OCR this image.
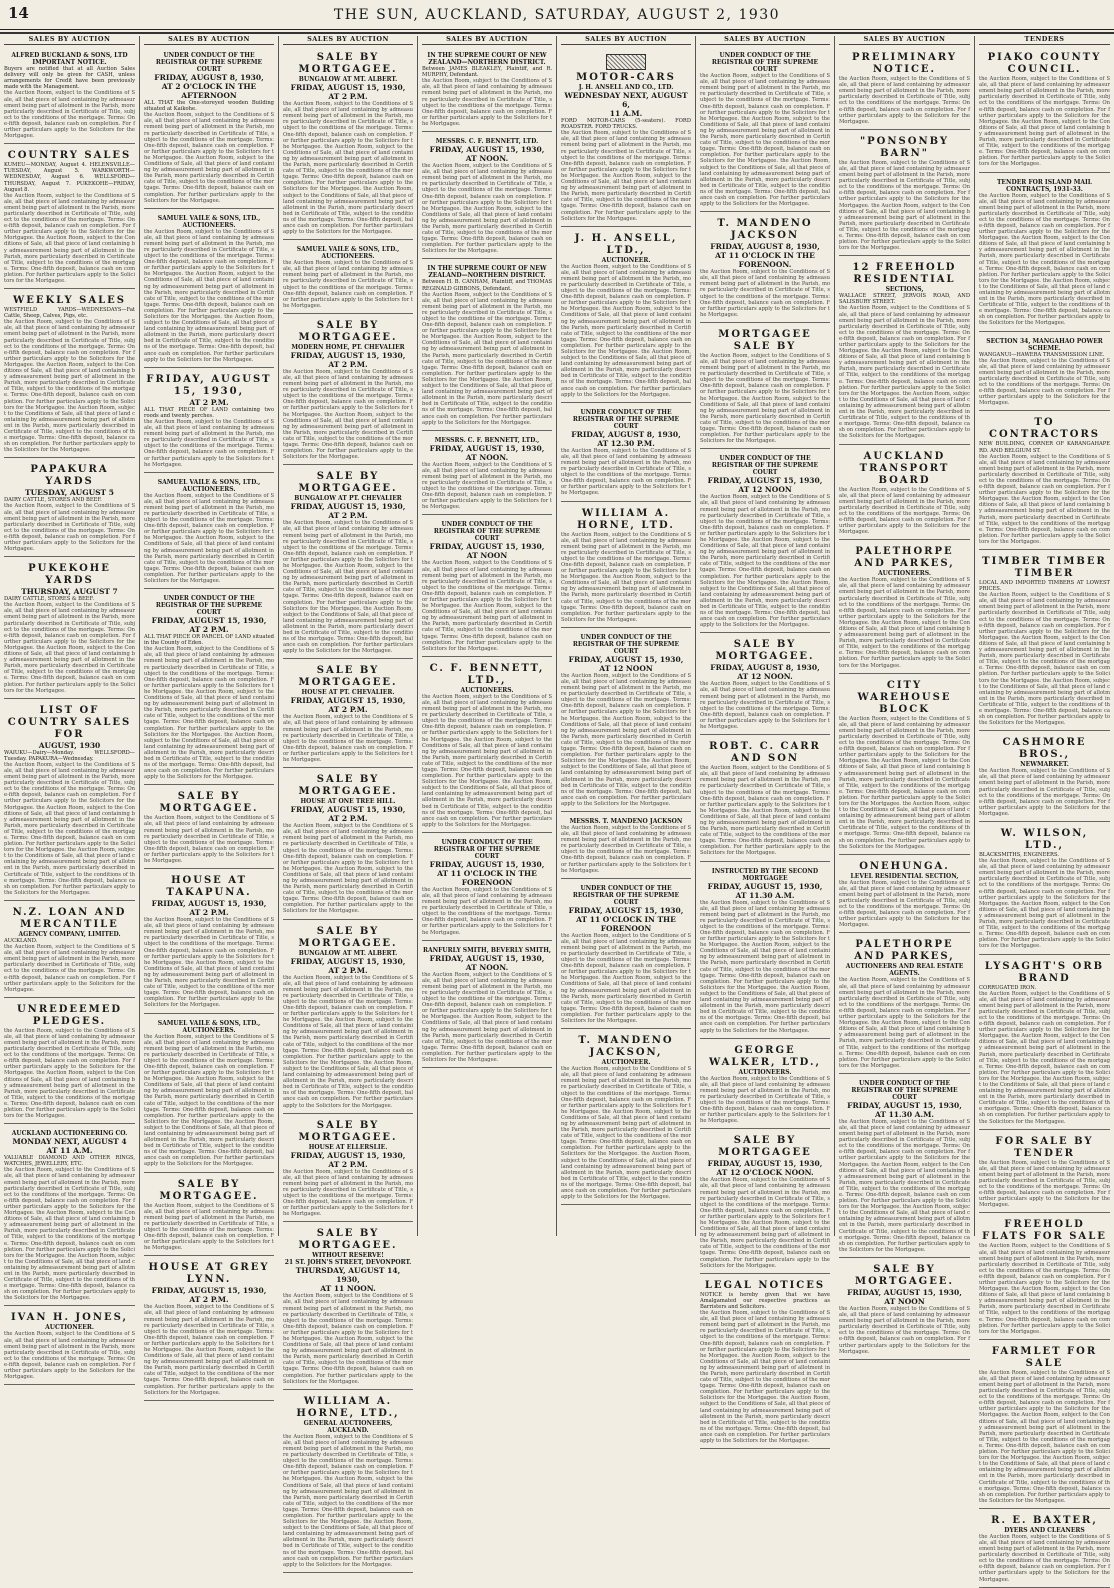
14	THE SUN, AUCKLAND, SATURDAY, AUGUST 2, 1930
SALES BY AUCTION
ALFRED BUCKLAND & SONS, LTD
IMPORTANT NOTICE.
Buyers are notified that at all Auction Sales delivery will only be given for CASH, unless arrangements for Credit have been previously made with the Management.
the Auction Room, subject to the Conditions of Sale, all that piece of land containing by admeasurement being part of allotment in the Parish, more particularly described in Certificate of Title, subject to the conditions of the mortgage. Terms: One-fifth deposit, balance cash on completion. For further particulars apply to the Solicitors for the Mortgagee.
COUNTRY SALES
KUMEU—MONDAY, August 4. HELENSVILLE—TUESDAY, August 5. WARKWORTH—WEDNESDAY, August 6. WELLSFORD—THURSDAY, August 7. PUKEKOHE—FRIDAY, August 8.
the Auction Room, subject to the Conditions of Sale, all that piece of land containing by admeasurement being part of allotment in the Parish, more particularly described in Certificate of Title, subject to the conditions of the mortgage. Terms: One-fifth deposit, balance cash on completion. For further particulars apply to the Solicitors for the Mortgagee. the Auction Room, subject to the Conditions of Sale, all that piece of land containing by admeasurement being part of allotment in the Parish, more particularly described in Certificate of Title, subject to the conditions of the mortgage. Terms: One-fifth deposit, balance cash on completion. For further particulars apply to the Solicitors for the Mortgagee.
WEEKLY SALES
WESTFIELD YARDS—WEDNESDAYS—Fat Cattle, Sheep, Calves, Pigs, etc.
the Auction Room, subject to the Conditions of Sale, all that piece of land containing by admeasurement being part of allotment in the Parish, more particularly described in Certificate of Title, subject to the conditions of the mortgage. Terms: One-fifth deposit, balance cash on completion. For further particulars apply to the Solicitors for the Mortgagee. the Auction Room, subject to the Conditions of Sale, all that piece of land containing by admeasurement being part of allotment in the Parish, more particularly described in Certificate of Title, subject to the conditions of the mortgage. Terms: One-fifth deposit, balance cash on completion. For further particulars apply to the Solicitors for the Mortgagee. the Auction Room, subject to the Conditions of Sale, all that piece of land containing by admeasurement being part of allotment in the Parish, more particularly described in Certificate of Title, subject to the conditions of the mortgage. Terms: One-fifth deposit, balance cash on completion. For further particulars apply to the Solicitors for the Mortgagee.
PAPAKURA YARDS
TUESDAY, AUGUST 5
DAIRY CATTLE, STORES AND BEEF.
the Auction Room, subject to the Conditions of Sale, all that piece of land containing by admeasurement being part of allotment in the Parish, more particularly described in Certificate of Title, subject to the conditions of the mortgage. Terms: One-fifth deposit, balance cash on completion. For further particulars apply to the Solicitors for the Mortgagee.
PUKEKOHE YARDS
THURSDAY, AUGUST 7
DAIRY CATTLE, STORES & BEEF.
the Auction Room, subject to the Conditions of Sale, all that piece of land containing by admeasurement being part of allotment in the Parish, more particularly described in Certificate of Title, subject to the conditions of the mortgage. Terms: One-fifth deposit, balance cash on completion. For further particulars apply to the Solicitors for the Mortgagee. the Auction Room, subject to the Conditions of Sale, all that piece of land containing by admeasurement being part of allotment in the Parish, more particularly described in Certificate of Title, subject to the conditions of the mortgage. Terms: One-fifth deposit, balance cash on completion. For further particulars apply to the Solicitors for the Mortgagee.
LIST OF COUNTRY SALES FOR
AUGUST, 1930
WAIUKU—Dairy—Monday. WELLSFORD—Tuesday. PAPAKURA—Wednesday.
the Auction Room, subject to the Conditions of Sale, all that piece of land containing by admeasurement being part of allotment in the Parish, more particularly described in Certificate of Title, subject to the conditions of the mortgage. Terms: One-fifth deposit, balance cash on completion. For further particulars apply to the Solicitors for the Mortgagee. the Auction Room, subject to the Conditions of Sale, all that piece of land containing by admeasurement being part of allotment in the Parish, more particularly described in Certificate of Title, subject to the conditions of the mortgage. Terms: One-fifth deposit, balance cash on completion. For further particulars apply to the Solicitors for the Mortgagee. the Auction Room, subject to the Conditions of Sale, all that piece of land containing by admeasurement being part of allotment in the Parish, more particularly described in Certificate of Title, subject to the conditions of the mortgage. Terms: One-fifth deposit, balance cash on completion. For further particulars apply to the Solicitors for the Mortgagee.
N.Z. LOAN AND MERCANTILE
AGENCY COMPANY, LIMITED.
AUCKLAND.
the Auction Room, subject to the Conditions of Sale, all that piece of land containing by admeasurement being part of allotment in the Parish, more particularly described in Certificate of Title, subject to the conditions of the mortgage. Terms: One-fifth deposit, balance cash on completion. For further particulars apply to the Solicitors for the Mortgagee.
UNREDEEMED PLEDGES.
the Auction Room, subject to the Conditions of Sale, all that piece of land containing by admeasurement being part of allotment in the Parish, more particularly described in Certificate of Title, subject to the conditions of the mortgage. Terms: One-fifth deposit, balance cash on completion. For further particulars apply to the Solicitors for the Mortgagee. the Auction Room, subject to the Conditions of Sale, all that piece of land containing by admeasurement being part of allotment in the Parish, more particularly described in Certificate of Title, subject to the conditions of the mortgage. Terms: One-fifth deposit, balance cash on completion. For further particulars apply to the Solicitors for the Mortgagee.
AUCKLAND AUCTIONEERING CO.
MONDAY NEXT, AUGUST 4
AT 11 A.M.
VALUABLE DIAMOND AND OTHER RINGS, WATCHES, JEWELLERY, ETC.
the Auction Room, subject to the Conditions of Sale, all that piece of land containing by admeasurement being part of allotment in the Parish, more particularly described in Certificate of Title, subject to the conditions of the mortgage. Terms: One-fifth deposit, balance cash on completion. For further particulars apply to the Solicitors for the Mortgagee. the Auction Room, subject to the Conditions of Sale, all that piece of land containing by admeasurement being part of allotment in the Parish, more particularly described in Certificate of Title, subject to the conditions of the mortgage. Terms: One-fifth deposit, balance cash on completion. For further particulars apply to the Solicitors for the Mortgagee. the Auction Room, subject to the Conditions of Sale, all that piece of land containing by admeasurement being part of allotment in the Parish, more particularly described in Certificate of Title, subject to the conditions of the mortgage. Terms: One-fifth deposit, balance cash on completion. For further particulars apply to the Solicitors for the Mortgagee.
IVAN H. JONES,
AUCTIONEER.
the Auction Room, subject to the Conditions of Sale, all that piece of land containing by admeasurement being part of allotment in the Parish, more particularly described in Certificate of Title, subject to the conditions of the mortgage. Terms: One-fifth deposit, balance cash on completion. For further particulars apply to the Solicitors for the Mortgagee.
SALES BY AUCTION
UNDER CONDUCT OF THE REGISTRAR OF THE SUPREME COURT
FRIDAY, AUGUST 8, 1930,
AT 2 O'CLOCK IN THE AFTERNOON
ALL THAT the One-storeyed wooden Building situated at Kaikohe.
the Auction Room, subject to the Conditions of Sale, all that piece of land containing by admeasurement being part of allotment in the Parish, more particularly described in Certificate of Title, subject to the conditions of the mortgage. Terms: One-fifth deposit, balance cash on completion. For further particulars apply to the Solicitors for the Mortgagee. the Auction Room, subject to the Conditions of Sale, all that piece of land containing by admeasurement being part of allotment in the Parish, more particularly described in Certificate of Title, subject to the conditions of the mortgage. Terms: One-fifth deposit, balance cash on completion. For further particulars apply to the Solicitors for the Mortgagee.
SAMUEL VAILE & SONS, LTD.,
AUCTIONEERS.
the Auction Room, subject to the Conditions of Sale, all that piece of land containing by admeasurement being part of allotment in the Parish, more particularly described in Certificate of Title, subject to the conditions of the mortgage. Terms: One-fifth deposit, balance cash on completion. For further particulars apply to the Solicitors for the Mortgagee. the Auction Room, subject to the Conditions of Sale, all that piece of land containing by admeasurement being part of allotment in the Parish, more particularly described in Certificate of Title, subject to the conditions of the mortgage. Terms: One-fifth deposit, balance cash on completion. For further particulars apply to the Solicitors for the Mortgagee. the Auction Room, subject to the Conditions of Sale, all that piece of land containing by admeasurement being part of allotment in the Parish, more particularly described in Certificate of Title, subject to the conditions of the mortgage. Terms: One-fifth deposit, balance cash on completion. For further particulars apply to the Solicitors for the Mortgagee.
FRIDAY, AUGUST 15, 1930,
AT 2 P.M.
ALL THAT PIECE OF LAND containing two roods and twenty perches.
the Auction Room, subject to the Conditions of Sale, all that piece of land containing by admeasurement being part of allotment in the Parish, more particularly described in Certificate of Title, subject to the conditions of the mortgage. Terms: One-fifth deposit, balance cash on completion. For further particulars apply to the Solicitors for the Mortgagee.
SAMUEL VAILE & SONS, LTD.,
AUCTIONEERS.
the Auction Room, subject to the Conditions of Sale, all that piece of land containing by admeasurement being part of allotment in the Parish, more particularly described in Certificate of Title, subject to the conditions of the mortgage. Terms: One-fifth deposit, balance cash on completion. For further particulars apply to the Solicitors for the Mortgagee. the Auction Room, subject to the Conditions of Sale, all that piece of land containing by admeasurement being part of allotment in the Parish, more particularly described in Certificate of Title, subject to the conditions of the mortgage. Terms: One-fifth deposit, balance cash on completion. For further particulars apply to the Solicitors for the Mortgagee.
UNDER CONDUCT OF THE REGISTRAR OF THE SUPREME COURT
FRIDAY, AUGUST 15, 1930,
AT 2 P.M.
ALL THAT PIECE OR PARCEL OF LAND situated in the County of Eden.
the Auction Room, subject to the Conditions of Sale, all that piece of land containing by admeasurement being part of allotment in the Parish, more particularly described in Certificate of Title, subject to the conditions of the mortgage. Terms: One-fifth deposit, balance cash on completion. For further particulars apply to the Solicitors for the Mortgagee. the Auction Room, subject to the Conditions of Sale, all that piece of land containing by admeasurement being part of allotment in the Parish, more particularly described in Certificate of Title, subject to the conditions of the mortgage. Terms: One-fifth deposit, balance cash on completion. For further particulars apply to the Solicitors for the Mortgagee. the Auction Room, subject to the Conditions of Sale, all that piece of land containing by admeasurement being part of allotment in the Parish, more particularly described in Certificate of Title, subject to the conditions of the mortgage. Terms: One-fifth deposit, balance cash on completion. For further particulars apply to the Solicitors for the Mortgagee.
SALE BY MORTGAGEE.
the Auction Room, subject to the Conditions of Sale, all that piece of land containing by admeasurement being part of allotment in the Parish, more particularly described in Certificate of Title, subject to the conditions of the mortgage. Terms: One-fifth deposit, balance cash on completion. For further particulars apply to the Solicitors for the Mortgagee.
HOUSE AT TAKAPUNA.
FRIDAY, AUGUST 15, 1930,
AT 2 P.M.
the Auction Room, subject to the Conditions of Sale, all that piece of land containing by admeasurement being part of allotment in the Parish, more particularly described in Certificate of Title, subject to the conditions of the mortgage. Terms: One-fifth deposit, balance cash on completion. For further particulars apply to the Solicitors for the Mortgagee. the Auction Room, subject to the Conditions of Sale, all that piece of land containing by admeasurement being part of allotment in the Parish, more particularly described in Certificate of Title, subject to the conditions of the mortgage. Terms: One-fifth deposit, balance cash on completion. For further particulars apply to the Solicitors for the Mortgagee.
SAMUEL VAILE & SONS, LTD.,
AUCTIONEERS.
the Auction Room, subject to the Conditions of Sale, all that piece of land containing by admeasurement being part of allotment in the Parish, more particularly described in Certificate of Title, subject to the conditions of the mortgage. Terms: One-fifth deposit, balance cash on completion. For further particulars apply to the Solicitors for the Mortgagee. the Auction Room, subject to the Conditions of Sale, all that piece of land containing by admeasurement being part of allotment in the Parish, more particularly described in Certificate of Title, subject to the conditions of the mortgage. Terms: One-fifth deposit, balance cash on completion. For further particulars apply to the Solicitors for the Mortgagee. the Auction Room, subject to the Conditions of Sale, all that piece of land containing by admeasurement being part of allotment in the Parish, more particularly described in Certificate of Title, subject to the conditions of the mortgage. Terms: One-fifth deposit, balance cash on completion. For further particulars apply to the Solicitors for the Mortgagee.
SALE BY MORTGAGEE.
the Auction Room, subject to the Conditions of Sale, all that piece of land containing by admeasurement being part of allotment in the Parish, more particularly described in Certificate of Title, subject to the conditions of the mortgage. Terms: One-fifth deposit, balance cash on completion. For further particulars apply to the Solicitors for the Mortgagee.
HOUSE AT GREY LYNN.
FRIDAY, AUGUST 15, 1930,
AT 2 P.M.
the Auction Room, subject to the Conditions of Sale, all that piece of land containing by admeasurement being part of allotment in the Parish, more particularly described in Certificate of Title, subject to the conditions of the mortgage. Terms: One-fifth deposit, balance cash on completion. For further particulars apply to the Solicitors for the Mortgagee. the Auction Room, subject to the Conditions of Sale, all that piece of land containing by admeasurement being part of allotment in the Parish, more particularly described in Certificate of Title, subject to the conditions of the mortgage. Terms: One-fifth deposit, balance cash on completion. For further particulars apply to the Solicitors for the Mortgagee.
SALES BY AUCTION
SALE BY MORTGAGEE.
BUNGALOW AT MT. ALBERT.
FRIDAY, AUGUST 15, 1930,
AT 2 P.M.
the Auction Room, subject to the Conditions of Sale, all that piece of land containing by admeasurement being part of allotment in the Parish, more particularly described in Certificate of Title, subject to the conditions of the mortgage. Terms: One-fifth deposit, balance cash on completion. For further particulars apply to the Solicitors for the Mortgagee. the Auction Room, subject to the Conditions of Sale, all that piece of land containing by admeasurement being part of allotment in the Parish, more particularly described in Certificate of Title, subject to the conditions of the mortgage. Terms: One-fifth deposit, balance cash on completion. For further particulars apply to the Solicitors for the Mortgagee. the Auction Room, subject to the Conditions of Sale, all that piece of land containing by admeasurement being part of allotment in the Parish, more particularly described in Certificate of Title, subject to the conditions of the mortgage. Terms: One-fifth deposit, balance cash on completion. For further particulars apply to the Solicitors for the Mortgagee.
SAMUEL VAILE & SONS, LTD.,
AUCTIONEERS.
the Auction Room, subject to the Conditions of Sale, all that piece of land containing by admeasurement being part of allotment in the Parish, more particularly described in Certificate of Title, subject to the conditions of the mortgage. Terms: One-fifth deposit, balance cash on completion. For further particulars apply to the Solicitors for the Mortgagee.
SALE BY MORTGAGEE.
MODERN HOME, PT. CHEVALIER
FRIDAY, AUGUST 15, 1930,
AT 2 P.M.
the Auction Room, subject to the Conditions of Sale, all that piece of land containing by admeasurement being part of allotment in the Parish, more particularly described in Certificate of Title, subject to the conditions of the mortgage. Terms: One-fifth deposit, balance cash on completion. For further particulars apply to the Solicitors for the Mortgagee. the Auction Room, subject to the Conditions of Sale, all that piece of land containing by admeasurement being part of allotment in the Parish, more particularly described in Certificate of Title, subject to the conditions of the mortgage. Terms: One-fifth deposit, balance cash on completion. For further particulars apply to the Solicitors for the Mortgagee.
SALE BY MORTGAGEE.
BUNGALOW AT PT. CHEVALIER
FRIDAY, AUGUST 15, 1930,
AT 2 P.M.
the Auction Room, subject to the Conditions of Sale, all that piece of land containing by admeasurement being part of allotment in the Parish, more particularly described in Certificate of Title, subject to the conditions of the mortgage. Terms: One-fifth deposit, balance cash on completion. For further particulars apply to the Solicitors for the Mortgagee. the Auction Room, subject to the Conditions of Sale, all that piece of land containing by admeasurement being part of allotment in the Parish, more particularly described in Certificate of Title, subject to the conditions of the mortgage. Terms: One-fifth deposit, balance cash on completion. For further particulars apply to the Solicitors for the Mortgagee. the Auction Room, subject to the Conditions of Sale, all that piece of land containing by admeasurement being part of allotment in the Parish, more particularly described in Certificate of Title, subject to the conditions of the mortgage. Terms: One-fifth deposit, balance cash on completion. For further particulars apply to the Solicitors for the Mortgagee.
SALE BY MORTGAGEE.
HOUSE AT PT. CHEVALIER.
FRIDAY, AUGUST 15, 1930,
AT 2 P.M.
the Auction Room, subject to the Conditions of Sale, all that piece of land containing by admeasurement being part of allotment in the Parish, more particularly described in Certificate of Title, subject to the conditions of the mortgage. Terms: One-fifth deposit, balance cash on completion. For further particulars apply to the Solicitors for the Mortgagee.
SALE BY MORTGAGEE.
HOUSE AT ONE TREE HILL.
FRIDAY, AUGUST 15, 1930,
AT 2 P.M.
the Auction Room, subject to the Conditions of Sale, all that piece of land containing by admeasurement being part of allotment in the Parish, more particularly described in Certificate of Title, subject to the conditions of the mortgage. Terms: One-fifth deposit, balance cash on completion. For further particulars apply to the Solicitors for the Mortgagee. the Auction Room, subject to the Conditions of Sale, all that piece of land containing by admeasurement being part of allotment in the Parish, more particularly described in Certificate of Title, subject to the conditions of the mortgage. Terms: One-fifth deposit, balance cash on completion. For further particulars apply to the Solicitors for the Mortgagee.
SALE BY MORTGAGEE.
BUNGALOW AT MT. ALBERT.
FRIDAY, AUGUST 15, 1930,
AT 2 P.M.
the Auction Room, subject to the Conditions of Sale, all that piece of land containing by admeasurement being part of allotment in the Parish, more particularly described in Certificate of Title, subject to the conditions of the mortgage. Terms: One-fifth deposit, balance cash on completion. For further particulars apply to the Solicitors for the Mortgagee. the Auction Room, subject to the Conditions of Sale, all that piece of land containing by admeasurement being part of allotment in the Parish, more particularly described in Certificate of Title, subject to the conditions of the mortgage. Terms: One-fifth deposit, balance cash on completion. For further particulars apply to the Solicitors for the Mortgagee. the Auction Room, subject to the Conditions of Sale, all that piece of land containing by admeasurement being part of allotment in the Parish, more particularly described in Certificate of Title, subject to the conditions of the mortgage. Terms: One-fifth deposit, balance cash on completion. For further particulars apply to the Solicitors for the Mortgagee.
SALE BY MORTGAGEE.
HOUSE AT ELLERSLIE.
FRIDAY, AUGUST 15, 1930,
AT 2 P.M.
the Auction Room, subject to the Conditions of Sale, all that piece of land containing by admeasurement being part of allotment in the Parish, more particularly described in Certificate of Title, subject to the conditions of the mortgage. Terms: One-fifth deposit, balance cash on completion. For further particulars apply to the Solicitors for the Mortgagee.
SALE BY MORTGAGEE.
WITHOUT RESERVE!
21 ST. JOHN'S STREET, DEVONPORT.
THURSDAY, AUGUST 14, 1930,
AT 11 NOON.
the Auction Room, subject to the Conditions of Sale, all that piece of land containing by admeasurement being part of allotment in the Parish, more particularly described in Certificate of Title, subject to the conditions of the mortgage. Terms: One-fifth deposit, balance cash on completion. For further particulars apply to the Solicitors for the Mortgagee. the Auction Room, subject to the Conditions of Sale, all that piece of land containing by admeasurement being part of allotment in the Parish, more particularly described in Certificate of Title, subject to the conditions of the mortgage. Terms: One-fifth deposit, balance cash on completion. For further particulars apply to the Solicitors for the Mortgagee.
WILLIAM A. HORNE, LTD.,
GENERAL AUCTIONEERS,
AUCKLAND.
the Auction Room, subject to the Conditions of Sale, all that piece of land containing by admeasurement being part of allotment in the Parish, more particularly described in Certificate of Title, subject to the conditions of the mortgage. Terms: One-fifth deposit, balance cash on completion. For further particulars apply to the Solicitors for the Mortgagee. the Auction Room, subject to the Conditions of Sale, all that piece of land containing by admeasurement being part of allotment in the Parish, more particularly described in Certificate of Title, subject to the conditions of the mortgage. Terms: One-fifth deposit, balance cash on completion. For further particulars apply to the Solicitors for the Mortgagee. the Auction Room, subject to the Conditions of Sale, all that piece of land containing by admeasurement being part of allotment in the Parish, more particularly described in Certificate of Title, subject to the conditions of the mortgage. Terms: One-fifth deposit, balance cash on completion. For further particulars apply to the Solicitors for the Mortgagee.
SALES BY AUCTION
IN THE SUPREME COURT OF NEW ZEALAND—NORTHERN DISTRICT.
Between JAMES BLEAKLEY, Plaintiff, and R. MURPHY, Defendant.
the Auction Room, subject to the Conditions of Sale, all that piece of land containing by admeasurement being part of allotment in the Parish, more particularly described in Certificate of Title, subject to the conditions of the mortgage. Terms: One-fifth deposit, balance cash on completion. For further particulars apply to the Solicitors for the Mortgagee.
MESSRS. C. F. BENNETT, LTD.
FRIDAY, AUGUST 15, 1930,
AT NOON.
the Auction Room, subject to the Conditions of Sale, all that piece of land containing by admeasurement being part of allotment in the Parish, more particularly described in Certificate of Title, subject to the conditions of the mortgage. Terms: One-fifth deposit, balance cash on completion. For further particulars apply to the Solicitors for the Mortgagee. the Auction Room, subject to the Conditions of Sale, all that piece of land containing by admeasurement being part of allotment in the Parish, more particularly described in Certificate of Title, subject to the conditions of the mortgage. Terms: One-fifth deposit, balance cash on completion. For further particulars apply to the Solicitors for the Mortgagee.
IN THE SUPREME COURT OF NEW ZEALAND—NORTHERN DISTRICT.
Between H. B. CANHAM, Plaintiff, and THOMAS REGINALD GIBBONS, Defendant.
the Auction Room, subject to the Conditions of Sale, all that piece of land containing by admeasurement being part of allotment in the Parish, more particularly described in Certificate of Title, subject to the conditions of the mortgage. Terms: One-fifth deposit, balance cash on completion. For further particulars apply to the Solicitors for the Mortgagee. the Auction Room, subject to the Conditions of Sale, all that piece of land containing by admeasurement being part of allotment in the Parish, more particularly described in Certificate of Title, subject to the conditions of the mortgage. Terms: One-fifth deposit, balance cash on completion. For further particulars apply to the Solicitors for the Mortgagee. the Auction Room, subject to the Conditions of Sale, all that piece of land containing by admeasurement being part of allotment in the Parish, more particularly described in Certificate of Title, subject to the conditions of the mortgage. Terms: One-fifth deposit, balance cash on completion. For further particulars apply to the Solicitors for the Mortgagee.
MESSRS. C. F. BENNETT, LTD.,
FRIDAY, AUGUST 15, 1930,
AT NOON.
the Auction Room, subject to the Conditions of Sale, all that piece of land containing by admeasurement being part of allotment in the Parish, more particularly described in Certificate of Title, subject to the conditions of the mortgage. Terms: One-fifth deposit, balance cash on completion. For further particulars apply to the Solicitors for the Mortgagee.
UNDER CONDUCT OF THE REGISTRAR OF THE SUPREME COURT
FRIDAY, AUGUST 15, 1930,
AT NOON
the Auction Room, subject to the Conditions of Sale, all that piece of land containing by admeasurement being part of allotment in the Parish, more particularly described in Certificate of Title, subject to the conditions of the mortgage. Terms: One-fifth deposit, balance cash on completion. For further particulars apply to the Solicitors for the Mortgagee. the Auction Room, subject to the Conditions of Sale, all that piece of land containing by admeasurement being part of allotment in the Parish, more particularly described in Certificate of Title, subject to the conditions of the mortgage. Terms: One-fifth deposit, balance cash on completion. For further particulars apply to the Solicitors for the Mortgagee.
C. F. BENNETT, LTD.,
AUCTIONEERS.
the Auction Room, subject to the Conditions of Sale, all that piece of land containing by admeasurement being part of allotment in the Parish, more particularly described in Certificate of Title, subject to the conditions of the mortgage. Terms: One-fifth deposit, balance cash on completion. For further particulars apply to the Solicitors for the Mortgagee. the Auction Room, subject to the Conditions of Sale, all that piece of land containing by admeasurement being part of allotment in the Parish, more particularly described in Certificate of Title, subject to the conditions of the mortgage. Terms: One-fifth deposit, balance cash on completion. For further particulars apply to the Solicitors for the Mortgagee. the Auction Room, subject to the Conditions of Sale, all that piece of land containing by admeasurement being part of allotment in the Parish, more particularly described in Certificate of Title, subject to the conditions of the mortgage. Terms: One-fifth deposit, balance cash on completion. For further particulars apply to the Solicitors for the Mortgagee.
UNDER CONDUCT OF THE REGISTRAR OF THE SUPREME COURT
FRIDAY, AUGUST 15, 1930,
AT 11 O'CLOCK IN THE FORENOON
the Auction Room, subject to the Conditions of Sale, all that piece of land containing by admeasurement being part of allotment in the Parish, more particularly described in Certificate of Title, subject to the conditions of the mortgage. Terms: One-fifth deposit, balance cash on completion. For further particulars apply to the Solicitors for the Mortgagee.
RANFURLY SMITH, BEVERLY SMITH,
FRIDAY, AUGUST 15, 1930,
AT NOON.
the Auction Room, subject to the Conditions of Sale, all that piece of land containing by admeasurement being part of allotment in the Parish, more particularly described in Certificate of Title, subject to the conditions of the mortgage. Terms: One-fifth deposit, balance cash on completion. For further particulars apply to the Solicitors for the Mortgagee. the Auction Room, subject to the Conditions of Sale, all that piece of land containing by admeasurement being part of allotment in the Parish, more particularly described in Certificate of Title, subject to the conditions of the mortgage. Terms: One-fifth deposit, balance cash on completion. For further particulars apply to the Solicitors for the Mortgagee.
SALES BY AUCTION
MOTOR-CARS
J. H. ANSELL AND CO., LTD.
WEDNESDAY NEXT, AUGUST 6,
11 A.M.
FORD MOTOR-CARS (5-seaters). FORD ROADSTER. FORD TRUCKS.
the Auction Room, subject to the Conditions of Sale, all that piece of land containing by admeasurement being part of allotment in the Parish, more particularly described in Certificate of Title, subject to the conditions of the mortgage. Terms: One-fifth deposit, balance cash on completion. For further particulars apply to the Solicitors for the Mortgagee. the Auction Room, subject to the Conditions of Sale, all that piece of land containing by admeasurement being part of allotment in the Parish, more particularly described in Certificate of Title, subject to the conditions of the mortgage. Terms: One-fifth deposit, balance cash on completion. For further particulars apply to the Solicitors for the Mortgagee.
J. H. ANSELL, LTD.,
AUCTIONEER.
the Auction Room, subject to the Conditions of Sale, all that piece of land containing by admeasurement being part of allotment in the Parish, more particularly described in Certificate of Title, subject to the conditions of the mortgage. Terms: One-fifth deposit, balance cash on completion. For further particulars apply to the Solicitors for the Mortgagee. the Auction Room, subject to the Conditions of Sale, all that piece of land containing by admeasurement being part of allotment in the Parish, more particularly described in Certificate of Title, subject to the conditions of the mortgage. Terms: One-fifth deposit, balance cash on completion. For further particulars apply to the Solicitors for the Mortgagee. the Auction Room, subject to the Conditions of Sale, all that piece of land containing by admeasurement being part of allotment in the Parish, more particularly described in Certificate of Title, subject to the conditions of the mortgage. Terms: One-fifth deposit, balance cash on completion. For further particulars apply to the Solicitors for the Mortgagee.
UNDER CONDUCT OF THE REGISTRAR OF THE SUPREME COURT
FRIDAY, AUGUST 8, 1930,
AT 12.30 P.M.
the Auction Room, subject to the Conditions of Sale, all that piece of land containing by admeasurement being part of allotment in the Parish, more particularly described in Certificate of Title, subject to the conditions of the mortgage. Terms: One-fifth deposit, balance cash on completion. For further particulars apply to the Solicitors for the Mortgagee.
WILLIAM A. HORNE, LTD.
the Auction Room, subject to the Conditions of Sale, all that piece of land containing by admeasurement being part of allotment in the Parish, more particularly described in Certificate of Title, subject to the conditions of the mortgage. Terms: One-fifth deposit, balance cash on completion. For further particulars apply to the Solicitors for the Mortgagee. the Auction Room, subject to the Conditions of Sale, all that piece of land containing by admeasurement being part of allotment in the Parish, more particularly described in Certificate of Title, subject to the conditions of the mortgage. Terms: One-fifth deposit, balance cash on completion. For further particulars apply to the Solicitors for the Mortgagee.
UNDER CONDUCT OF THE REGISTRAR OF THE SUPREME COURT
FRIDAY, AUGUST 15, 1930,
AT 12 NOON
the Auction Room, subject to the Conditions of Sale, all that piece of land containing by admeasurement being part of allotment in the Parish, more particularly described in Certificate of Title, subject to the conditions of the mortgage. Terms: One-fifth deposit, balance cash on completion. For further particulars apply to the Solicitors for the Mortgagee. the Auction Room, subject to the Conditions of Sale, all that piece of land containing by admeasurement being part of allotment in the Parish, more particularly described in Certificate of Title, subject to the conditions of the mortgage. Terms: One-fifth deposit, balance cash on completion. For further particulars apply to the Solicitors for the Mortgagee. the Auction Room, subject to the Conditions of Sale, all that piece of land containing by admeasurement being part of allotment in the Parish, more particularly described in Certificate of Title, subject to the conditions of the mortgage. Terms: One-fifth deposit, balance cash on completion. For further particulars apply to the Solicitors for the Mortgagee.
MESSRS. T. MANDENO JACKSON
the Auction Room, subject to the Conditions of Sale, all that piece of land containing by admeasurement being part of allotment in the Parish, more particularly described in Certificate of Title, subject to the conditions of the mortgage. Terms: One-fifth deposit, balance cash on completion. For further particulars apply to the Solicitors for the Mortgagee.
UNDER CONDUCT OF THE REGISTRAR OF THE SUPREME COURT
FRIDAY, AUGUST 15, 1930,
AT 11 O'CLOCK IN THE FORENOON
the Auction Room, subject to the Conditions of Sale, all that piece of land containing by admeasurement being part of allotment in the Parish, more particularly described in Certificate of Title, subject to the conditions of the mortgage. Terms: One-fifth deposit, balance cash on completion. For further particulars apply to the Solicitors for the Mortgagee. the Auction Room, subject to the Conditions of Sale, all that piece of land containing by admeasurement being part of allotment in the Parish, more particularly described in Certificate of Title, subject to the conditions of the mortgage. Terms: One-fifth deposit, balance cash on completion. For further particulars apply to the Solicitors for the Mortgagee.
T. MANDENO JACKSON,
AUCTIONEER.
the Auction Room, subject to the Conditions of Sale, all that piece of land containing by admeasurement being part of allotment in the Parish, more particularly described in Certificate of Title, subject to the conditions of the mortgage. Terms: One-fifth deposit, balance cash on completion. For further particulars apply to the Solicitors for the Mortgagee. the Auction Room, subject to the Conditions of Sale, all that piece of land containing by admeasurement being part of allotment in the Parish, more particularly described in Certificate of Title, subject to the conditions of the mortgage. Terms: One-fifth deposit, balance cash on completion. For further particulars apply to the Solicitors for the Mortgagee. the Auction Room, subject to the Conditions of Sale, all that piece of land containing by admeasurement being part of allotment in the Parish, more particularly described in Certificate of Title, subject to the conditions of the mortgage. Terms: One-fifth deposit, balance cash on completion. For further particulars apply to the Solicitors for the Mortgagee.
SALES BY AUCTION
UNDER CONDUCT OF THE REGISTRAR OF THE SUPREME COURT
the Auction Room, subject to the Conditions of Sale, all that piece of land containing by admeasurement being part of allotment in the Parish, more particularly described in Certificate of Title, subject to the conditions of the mortgage. Terms: One-fifth deposit, balance cash on completion. For further particulars apply to the Solicitors for the Mortgagee. the Auction Room, subject to the Conditions of Sale, all that piece of land containing by admeasurement being part of allotment in the Parish, more particularly described in Certificate of Title, subject to the conditions of the mortgage. Terms: One-fifth deposit, balance cash on completion. For further particulars apply to the Solicitors for the Mortgagee. the Auction Room, subject to the Conditions of Sale, all that piece of land containing by admeasurement being part of allotment in the Parish, more particularly described in Certificate of Title, subject to the conditions of the mortgage. Terms: One-fifth deposit, balance cash on completion. For further particulars apply to the Solicitors for the Mortgagee.
T. MANDENO JACKSON
FRIDAY, AUGUST 8, 1930,
AT 11 O'CLOCK IN THE FORENOON.
the Auction Room, subject to the Conditions of Sale, all that piece of land containing by admeasurement being part of allotment in the Parish, more particularly described in Certificate of Title, subject to the conditions of the mortgage. Terms: One-fifth deposit, balance cash on completion. For further particulars apply to the Solicitors for the Mortgagee.
MORTGAGEE SALE BY
the Auction Room, subject to the Conditions of Sale, all that piece of land containing by admeasurement being part of allotment in the Parish, more particularly described in Certificate of Title, subject to the conditions of the mortgage. Terms: One-fifth deposit, balance cash on completion. For further particulars apply to the Solicitors for the Mortgagee. the Auction Room, subject to the Conditions of Sale, all that piece of land containing by admeasurement being part of allotment in the Parish, more particularly described in Certificate of Title, subject to the conditions of the mortgage. Terms: One-fifth deposit, balance cash on completion. For further particulars apply to the Solicitors for the Mortgagee.
UNDER CONDUCT OF THE REGISTRAR OF THE SUPREME COURT
FRIDAY, AUGUST 15, 1930,
AT 12 NOON
the Auction Room, subject to the Conditions of Sale, all that piece of land containing by admeasurement being part of allotment in the Parish, more particularly described in Certificate of Title, subject to the conditions of the mortgage. Terms: One-fifth deposit, balance cash on completion. For further particulars apply to the Solicitors for the Mortgagee. the Auction Room, subject to the Conditions of Sale, all that piece of land containing by admeasurement being part of allotment in the Parish, more particularly described in Certificate of Title, subject to the conditions of the mortgage. Terms: One-fifth deposit, balance cash on completion. For further particulars apply to the Solicitors for the Mortgagee. the Auction Room, subject to the Conditions of Sale, all that piece of land containing by admeasurement being part of allotment in the Parish, more particularly described in Certificate of Title, subject to the conditions of the mortgage. Terms: One-fifth deposit, balance cash on completion. For further particulars apply to the Solicitors for the Mortgagee.
SALE BY MORTGAGEE.
FRIDAY, AUGUST 8, 1930,
AT 12 NOON.
the Auction Room, subject to the Conditions of Sale, all that piece of land containing by admeasurement being part of allotment in the Parish, more particularly described in Certificate of Title, subject to the conditions of the mortgage. Terms: One-fifth deposit, balance cash on completion. For further particulars apply to the Solicitors for the Mortgagee.
ROBT. C. CARR AND SON
the Auction Room, subject to the Conditions of Sale, all that piece of land containing by admeasurement being part of allotment in the Parish, more particularly described in Certificate of Title, subject to the conditions of the mortgage. Terms: One-fifth deposit, balance cash on completion. For further particulars apply to the Solicitors for the Mortgagee. the Auction Room, subject to the Conditions of Sale, all that piece of land containing by admeasurement being part of allotment in the Parish, more particularly described in Certificate of Title, subject to the conditions of the mortgage. Terms: One-fifth deposit, balance cash on completion. For further particulars apply to the Solicitors for the Mortgagee.
INSTRUCTED BY THE SECOND MORTGAGEE
FRIDAY, AUGUST 15, 1930,
AT 11.30 A.M.
the Auction Room, subject to the Conditions of Sale, all that piece of land containing by admeasurement being part of allotment in the Parish, more particularly described in Certificate of Title, subject to the conditions of the mortgage. Terms: One-fifth deposit, balance cash on completion. For further particulars apply to the Solicitors for the Mortgagee. the Auction Room, subject to the Conditions of Sale, all that piece of land containing by admeasurement being part of allotment in the Parish, more particularly described in Certificate of Title, subject to the conditions of the mortgage. Terms: One-fifth deposit, balance cash on completion. For further particulars apply to the Solicitors for the Mortgagee. the Auction Room, subject to the Conditions of Sale, all that piece of land containing by admeasurement being part of allotment in the Parish, more particularly described in Certificate of Title, subject to the conditions of the mortgage. Terms: One-fifth deposit, balance cash on completion. For further particulars apply to the Solicitors for the Mortgagee.
GEORGE WALKER, LTD.,
AUCTIONEERS.
the Auction Room, subject to the Conditions of Sale, all that piece of land containing by admeasurement being part of allotment in the Parish, more particularly described in Certificate of Title, subject to the conditions of the mortgage. Terms: One-fifth deposit, balance cash on completion. For further particulars apply to the Solicitors for the Mortgagee.
SALE BY MORTGAGEE
FRIDAY, AUGUST 15, 1930,
AT 12 O'CLOCK NOON.
the Auction Room, subject to the Conditions of Sale, all that piece of land containing by admeasurement being part of allotment in the Parish, more particularly described in Certificate of Title, subject to the conditions of the mortgage. Terms: One-fifth deposit, balance cash on completion. For further particulars apply to the Solicitors for the Mortgagee. the Auction Room, subject to the Conditions of Sale, all that piece of land containing by admeasurement being part of allotment in the Parish, more particularly described in Certificate of Title, subject to the conditions of the mortgage. Terms: One-fifth deposit, balance cash on completion. For further particulars apply to the Solicitors for the Mortgagee.
LEGAL NOTICES
NOTICE is hereby given that we have Amalgamated our respective practices as Barristers and Solicitors.
the Auction Room, subject to the Conditions of Sale, all that piece of land containing by admeasurement being part of allotment in the Parish, more particularly described in Certificate of Title, subject to the conditions of the mortgage. Terms: One-fifth deposit, balance cash on completion. For further particulars apply to the Solicitors for the Mortgagee. the Auction Room, subject to the Conditions of Sale, all that piece of land containing by admeasurement being part of allotment in the Parish, more particularly described in Certificate of Title, subject to the conditions of the mortgage. Terms: One-fifth deposit, balance cash on completion. For further particulars apply to the Solicitors for the Mortgagee. the Auction Room, subject to the Conditions of Sale, all that piece of land containing by admeasurement being part of allotment in the Parish, more particularly described in Certificate of Title, subject to the conditions of the mortgage. Terms: One-fifth deposit, balance cash on completion. For further particulars apply to the Solicitors for the Mortgagee.
SALES BY AUCTION
PRELIMINARY NOTICE.
the Auction Room, subject to the Conditions of Sale, all that piece of land containing by admeasurement being part of allotment in the Parish, more particularly described in Certificate of Title, subject to the conditions of the mortgage. Terms: One-fifth deposit, balance cash on completion. For further particulars apply to the Solicitors for the Mortgagee.
"PONSONBY BARN"
the Auction Room, subject to the Conditions of Sale, all that piece of land containing by admeasurement being part of allotment in the Parish, more particularly described in Certificate of Title, subject to the conditions of the mortgage. Terms: One-fifth deposit, balance cash on completion. For further particulars apply to the Solicitors for the Mortgagee. the Auction Room, subject to the Conditions of Sale, all that piece of land containing by admeasurement being part of allotment in the Parish, more particularly described in Certificate of Title, subject to the conditions of the mortgage. Terms: One-fifth deposit, balance cash on completion. For further particulars apply to the Solicitors for the Mortgagee.
12 FREEHOLD RESIDENTIAL
SECTIONS,
WALLACE STREET, JERVOIS ROAD, AND SALISBURY STREET.
the Auction Room, subject to the Conditions of Sale, all that piece of land containing by admeasurement being part of allotment in the Parish, more particularly described in Certificate of Title, subject to the conditions of the mortgage. Terms: One-fifth deposit, balance cash on completion. For further particulars apply to the Solicitors for the Mortgagee. the Auction Room, subject to the Conditions of Sale, all that piece of land containing by admeasurement being part of allotment in the Parish, more particularly described in Certificate of Title, subject to the conditions of the mortgage. Terms: One-fifth deposit, balance cash on completion. For further particulars apply to the Solicitors for the Mortgagee. the Auction Room, subject to the Conditions of Sale, all that piece of land containing by admeasurement being part of allotment in the Parish, more particularly described in Certificate of Title, subject to the conditions of the mortgage. Terms: One-fifth deposit, balance cash on completion. For further particulars apply to the Solicitors for the Mortgagee.
AUCKLAND TRANSPORT BOARD
the Auction Room, subject to the Conditions of Sale, all that piece of land containing by admeasurement being part of allotment in the Parish, more particularly described in Certificate of Title, subject to the conditions of the mortgage. Terms: One-fifth deposit, balance cash on completion. For further particulars apply to the Solicitors for the Mortgagee.
PALETHORPE AND PARKES,
AUCTIONEERS.
the Auction Room, subject to the Conditions of Sale, all that piece of land containing by admeasurement being part of allotment in the Parish, more particularly described in Certificate of Title, subject to the conditions of the mortgage. Terms: One-fifth deposit, balance cash on completion. For further particulars apply to the Solicitors for the Mortgagee. the Auction Room, subject to the Conditions of Sale, all that piece of land containing by admeasurement being part of allotment in the Parish, more particularly described in Certificate of Title, subject to the conditions of the mortgage. Terms: One-fifth deposit, balance cash on completion. For further particulars apply to the Solicitors for the Mortgagee.
CITY WAREHOUSE BLOCK
the Auction Room, subject to the Conditions of Sale, all that piece of land containing by admeasurement being part of allotment in the Parish, more particularly described in Certificate of Title, subject to the conditions of the mortgage. Terms: One-fifth deposit, balance cash on completion. For further particulars apply to the Solicitors for the Mortgagee. the Auction Room, subject to the Conditions of Sale, all that piece of land containing by admeasurement being part of allotment in the Parish, more particularly described in Certificate of Title, subject to the conditions of the mortgage. Terms: One-fifth deposit, balance cash on completion. For further particulars apply to the Solicitors for the Mortgagee. the Auction Room, subject to the Conditions of Sale, all that piece of land containing by admeasurement being part of allotment in the Parish, more particularly described in Certificate of Title, subject to the conditions of the mortgage. Terms: One-fifth deposit, balance cash on completion. For further particulars apply to the Solicitors for the Mortgagee.
ONEHUNGA.
LEVEL RESIDENTIAL SECTION,
the Auction Room, subject to the Conditions of Sale, all that piece of land containing by admeasurement being part of allotment in the Parish, more particularly described in Certificate of Title, subject to the conditions of the mortgage. Terms: One-fifth deposit, balance cash on completion. For further particulars apply to the Solicitors for the Mortgagee.
PALETHORPE AND PARKES,
AUCTIONEERS AND REAL ESTATE AGENTS.
the Auction Room, subject to the Conditions of Sale, all that piece of land containing by admeasurement being part of allotment in the Parish, more particularly described in Certificate of Title, subject to the conditions of the mortgage. Terms: One-fifth deposit, balance cash on completion. For further particulars apply to the Solicitors for the Mortgagee. the Auction Room, subject to the Conditions of Sale, all that piece of land containing by admeasurement being part of allotment in the Parish, more particularly described in Certificate of Title, subject to the conditions of the mortgage. Terms: One-fifth deposit, balance cash on completion. For further particulars apply to the Solicitors for the Mortgagee.
UNDER CONDUCT OF THE REGISTRAR OF THE SUPREME COURT
FRIDAY, AUGUST 15, 1930,
AT 11.30 A.M.
the Auction Room, subject to the Conditions of Sale, all that piece of land containing by admeasurement being part of allotment in the Parish, more particularly described in Certificate of Title, subject to the conditions of the mortgage. Terms: One-fifth deposit, balance cash on completion. For further particulars apply to the Solicitors for the Mortgagee. the Auction Room, subject to the Conditions of Sale, all that piece of land containing by admeasurement being part of allotment in the Parish, more particularly described in Certificate of Title, subject to the conditions of the mortgage. Terms: One-fifth deposit, balance cash on completion. For further particulars apply to the Solicitors for the Mortgagee. the Auction Room, subject to the Conditions of Sale, all that piece of land containing by admeasurement being part of allotment in the Parish, more particularly described in Certificate of Title, subject to the conditions of the mortgage. Terms: One-fifth deposit, balance cash on completion. For further particulars apply to the Solicitors for the Mortgagee.
SALE BY MORTGAGEE.
FRIDAY, AUGUST 15, 1930,
AT NOON
the Auction Room, subject to the Conditions of Sale, all that piece of land containing by admeasurement being part of allotment in the Parish, more particularly described in Certificate of Title, subject to the conditions of the mortgage. Terms: One-fifth deposit, balance cash on completion. For further particulars apply to the Solicitors for the Mortgagee.
TENDERS
PIAKO COUNTY COUNCIL.
the Auction Room, subject to the Conditions of Sale, all that piece of land containing by admeasurement being part of allotment in the Parish, more particularly described in Certificate of Title, subject to the conditions of the mortgage. Terms: One-fifth deposit, balance cash on completion. For further particulars apply to the Solicitors for the Mortgagee. the Auction Room, subject to the Conditions of Sale, all that piece of land containing by admeasurement being part of allotment in the Parish, more particularly described in Certificate of Title, subject to the conditions of the mortgage. Terms: One-fifth deposit, balance cash on completion. For further particulars apply to the Solicitors for the Mortgagee.
TENDER FOR ISLAND MAIL CONTRACTS, 1931-33.
the Auction Room, subject to the Conditions of Sale, all that piece of land containing by admeasurement being part of allotment in the Parish, more particularly described in Certificate of Title, subject to the conditions of the mortgage. Terms: One-fifth deposit, balance cash on completion. For further particulars apply to the Solicitors for the Mortgagee. the Auction Room, subject to the Conditions of Sale, all that piece of land containing by admeasurement being part of allotment in the Parish, more particularly described in Certificate of Title, subject to the conditions of the mortgage. Terms: One-fifth deposit, balance cash on completion. For further particulars apply to the Solicitors for the Mortgagee. the Auction Room, subject to the Conditions of Sale, all that piece of land containing by admeasurement being part of allotment in the Parish, more particularly described in Certificate of Title, subject to the conditions of the mortgage. Terms: One-fifth deposit, balance cash on completion. For further particulars apply to the Solicitors for the Mortgagee.
SECTION 34, MANGAHAO POWER SCHEME.
WANGANUI—HAWERA TRANSMISSION LINE.
the Auction Room, subject to the Conditions of Sale, all that piece of land containing by admeasurement being part of allotment in the Parish, more particularly described in Certificate of Title, subject to the conditions of the mortgage. Terms: One-fifth deposit, balance cash on completion. For further particulars apply to the Solicitors for the Mortgagee.
TO CONTRACTORS
NEW BUILDING, CORNER OF KARANGAHAPE RD. AND BELGIUM ST.
the Auction Room, subject to the Conditions of Sale, all that piece of land containing by admeasurement being part of allotment in the Parish, more particularly described in Certificate of Title, subject to the conditions of the mortgage. Terms: One-fifth deposit, balance cash on completion. For further particulars apply to the Solicitors for the Mortgagee. the Auction Room, subject to the Conditions of Sale, all that piece of land containing by admeasurement being part of allotment in the Parish, more particularly described in Certificate of Title, subject to the conditions of the mortgage. Terms: One-fifth deposit, balance cash on completion. For further particulars apply to the Solicitors for the Mortgagee.
TIMBER TIMBER TIMBER
LOCAL AND IMPORTED TIMBERS AT LOWEST PRICES.
the Auction Room, subject to the Conditions of Sale, all that piece of land containing by admeasurement being part of allotment in the Parish, more particularly described in Certificate of Title, subject to the conditions of the mortgage. Terms: One-fifth deposit, balance cash on completion. For further particulars apply to the Solicitors for the Mortgagee. the Auction Room, subject to the Conditions of Sale, all that piece of land containing by admeasurement being part of allotment in the Parish, more particularly described in Certificate of Title, subject to the conditions of the mortgage. Terms: One-fifth deposit, balance cash on completion. For further particulars apply to the Solicitors for the Mortgagee. the Auction Room, subject to the Conditions of Sale, all that piece of land containing by admeasurement being part of allotment in the Parish, more particularly described in Certificate of Title, subject to the conditions of the mortgage. Terms: One-fifth deposit, balance cash on completion. For further particulars apply to the Solicitors for the Mortgagee.
CASHMORE BROS.,
NEWMARKET.
the Auction Room, subject to the Conditions of Sale, all that piece of land containing by admeasurement being part of allotment in the Parish, more particularly described in Certificate of Title, subject to the conditions of the mortgage. Terms: One-fifth deposit, balance cash on completion. For further particulars apply to the Solicitors for the Mortgagee.
W. WILSON, LTD.,
BLACKSMITHS, ENGINEERS.
the Auction Room, subject to the Conditions of Sale, all that piece of land containing by admeasurement being part of allotment in the Parish, more particularly described in Certificate of Title, subject to the conditions of the mortgage. Terms: One-fifth deposit, balance cash on completion. For further particulars apply to the Solicitors for the Mortgagee. the Auction Room, subject to the Conditions of Sale, all that piece of land containing by admeasurement being part of allotment in the Parish, more particularly described in Certificate of Title, subject to the conditions of the mortgage. Terms: One-fifth deposit, balance cash on completion. For further particulars apply to the Solicitors for the Mortgagee.
LYSAGHT'S ORB BRAND
CORRUGATED IRON.
the Auction Room, subject to the Conditions of Sale, all that piece of land containing by admeasurement being part of allotment in the Parish, more particularly described in Certificate of Title, subject to the conditions of the mortgage. Terms: One-fifth deposit, balance cash on completion. For further particulars apply to the Solicitors for the Mortgagee. the Auction Room, subject to the Conditions of Sale, all that piece of land containing by admeasurement being part of allotment in the Parish, more particularly described in Certificate of Title, subject to the conditions of the mortgage. Terms: One-fifth deposit, balance cash on completion. For further particulars apply to the Solicitors for the Mortgagee. the Auction Room, subject to the Conditions of Sale, all that piece of land containing by admeasurement being part of allotment in the Parish, more particularly described in Certificate of Title, subject to the conditions of the mortgage. Terms: One-fifth deposit, balance cash on completion. For further particulars apply to the Solicitors for the Mortgagee.
FOR SALE BY TENDER
the Auction Room, subject to the Conditions of Sale, all that piece of land containing by admeasurement being part of allotment in the Parish, more particularly described in Certificate of Title, subject to the conditions of the mortgage. Terms: One-fifth deposit, balance cash on completion. For further particulars apply to the Solicitors for the Mortgagee.
FREEHOLD FLATS FOR SALE
the Auction Room, subject to the Conditions of Sale, all that piece of land containing by admeasurement being part of allotment in the Parish, more particularly described in Certificate of Title, subject to the conditions of the mortgage. Terms: One-fifth deposit, balance cash on completion. For further particulars apply to the Solicitors for the Mortgagee. the Auction Room, subject to the Conditions of Sale, all that piece of land containing by admeasurement being part of allotment in the Parish, more particularly described in Certificate of Title, subject to the conditions of the mortgage. Terms: One-fifth deposit, balance cash on completion. For further particulars apply to the Solicitors for the Mortgagee.
FARMLET FOR SALE
the Auction Room, subject to the Conditions of Sale, all that piece of land containing by admeasurement being part of allotment in the Parish, more particularly described in Certificate of Title, subject to the conditions of the mortgage. Terms: One-fifth deposit, balance cash on completion. For further particulars apply to the Solicitors for the Mortgagee. the Auction Room, subject to the Conditions of Sale, all that piece of land containing by admeasurement being part of allotment in the Parish, more particularly described in Certificate of Title, subject to the conditions of the mortgage. Terms: One-fifth deposit, balance cash on completion. For further particulars apply to the Solicitors for the Mortgagee. the Auction Room, subject to the Conditions of Sale, all that piece of land containing by admeasurement being part of allotment in the Parish, more particularly described in Certificate of Title, subject to the conditions of the mortgage. Terms: One-fifth deposit, balance cash on completion. For further particulars apply to the Solicitors for the Mortgagee.
R. E. BAXTER,
DYERS AND CLEANERS
the Auction Room, subject to the Conditions of Sale, all that piece of land containing by admeasurement being part of allotment in the Parish, more particularly described in Certificate of Title, subject to the conditions of the mortgage. Terms: One-fifth deposit, balance cash on completion. For further particulars apply to the Solicitors for the Mortgagee.
